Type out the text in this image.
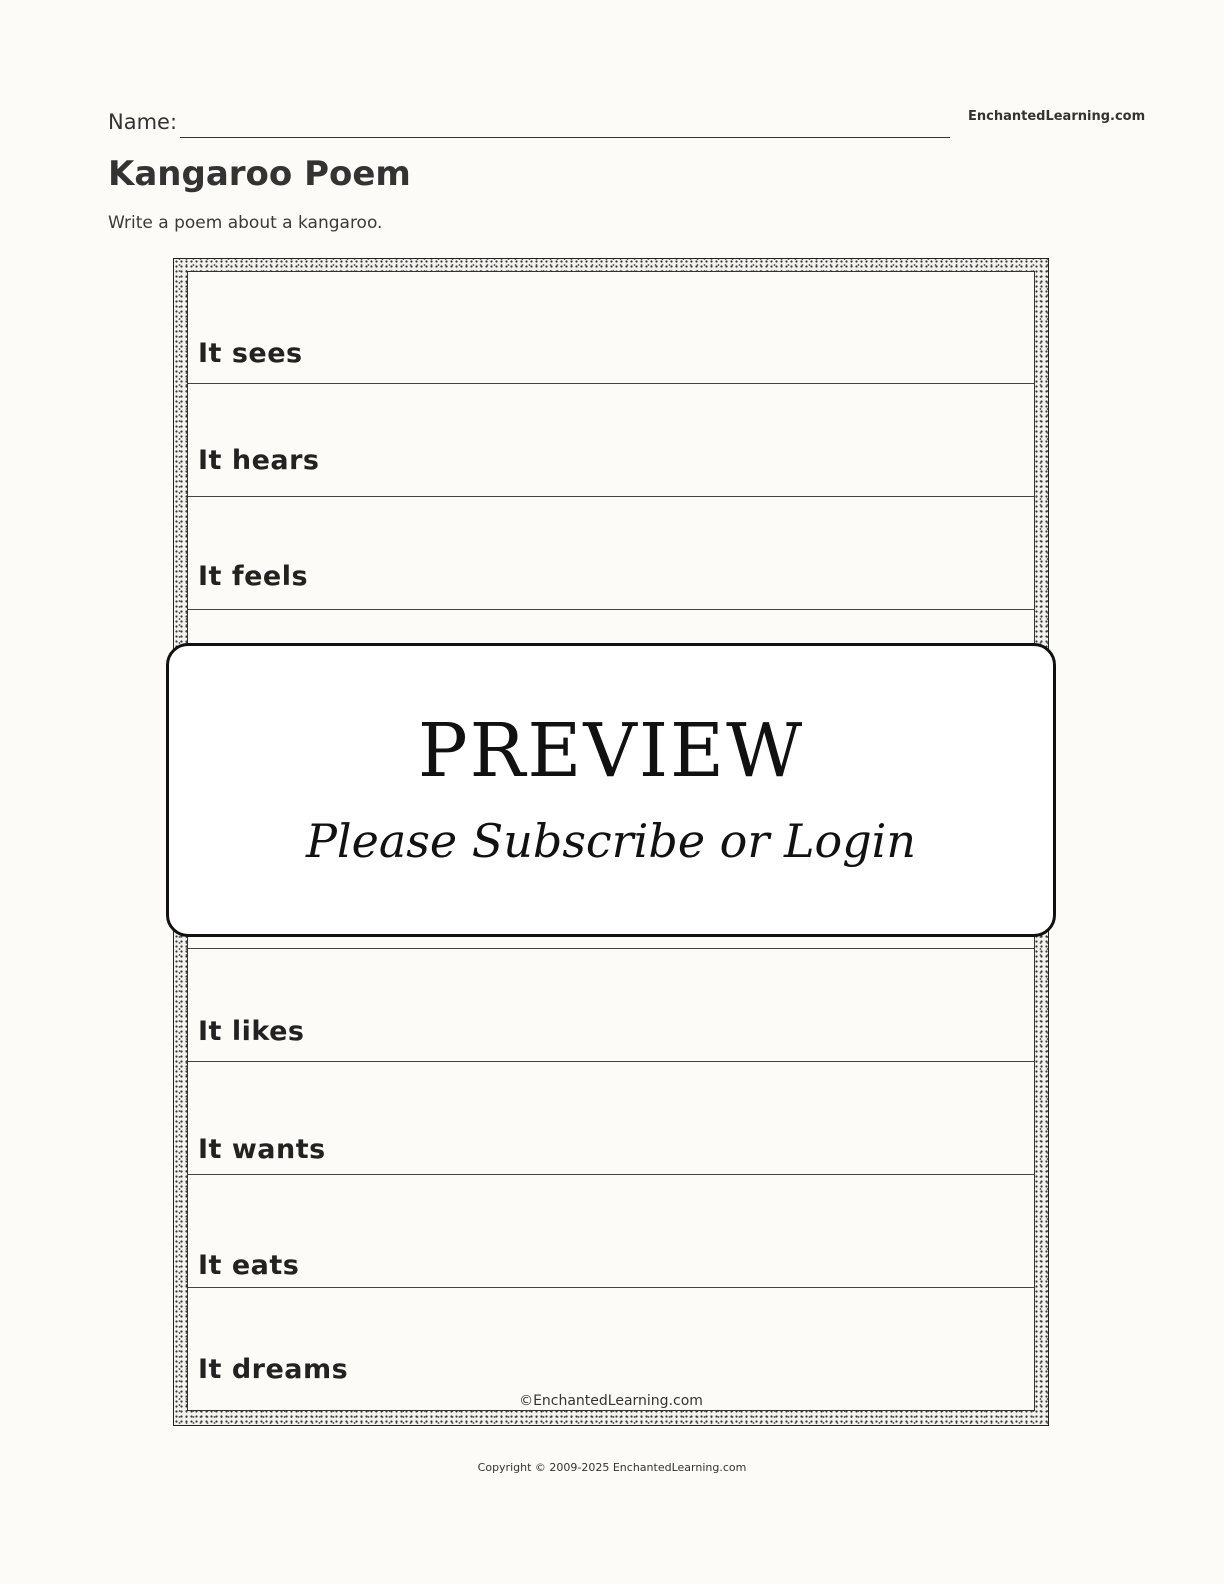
Name:	EnchantedLearning.com
Kangaroo Poem
Write a poem about a kangaroo.
It sees
It hears
It feels
It likes
It wants
It eats
It dreams
©EnchantedLearning.com
PREVIEW
Please Subscribe or Login
Copyright © 2009-2025 EnchantedLearning.com
